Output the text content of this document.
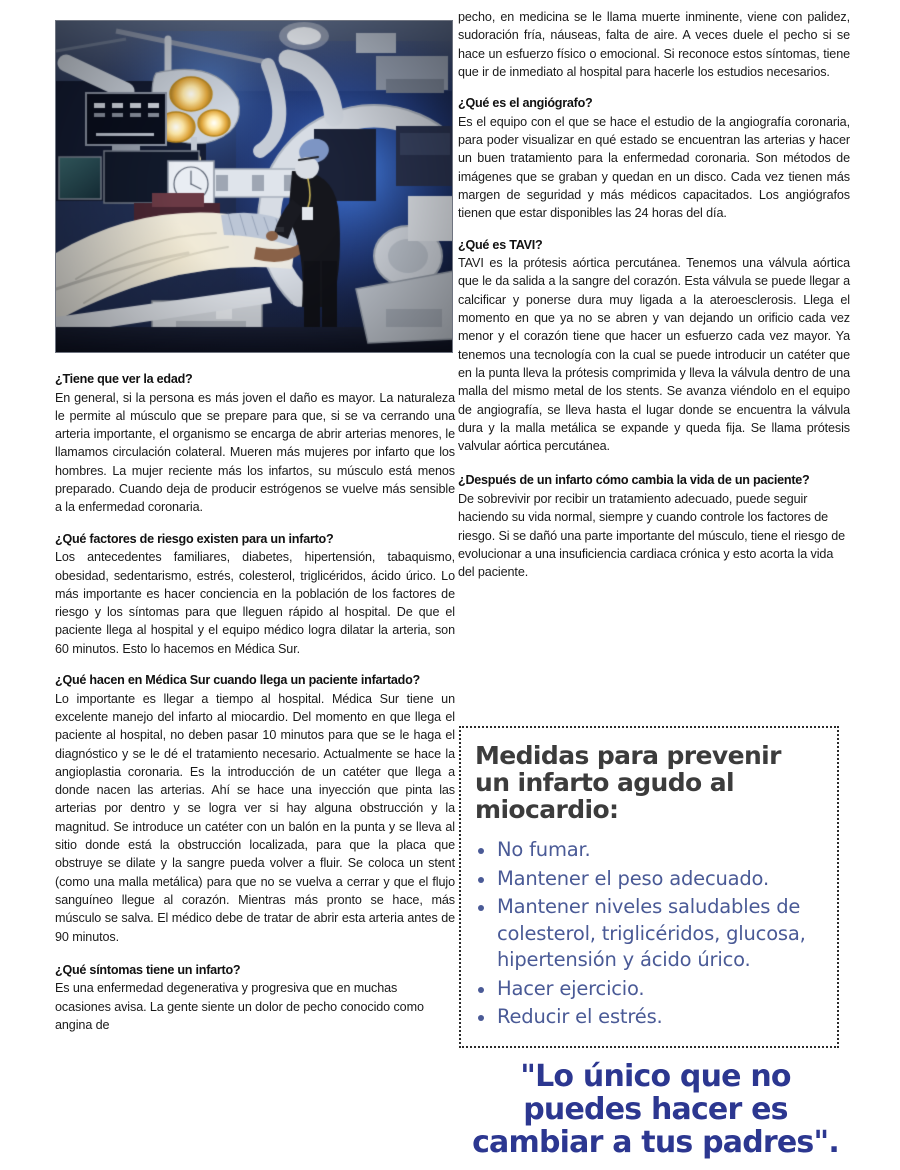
¿Tiene que ver la edad?

En general, si la persona es más joven el daño es mayor. La naturaleza le permite al músculo que se prepare para que, si se va cerrando una arteria importante, el organismo se encarga de abrir arterias menores, le llamamos circulación colateral. Mueren más mujeres por infarto que los hombres. La mujer reciente más los infartos, su músculo está menos preparado. Cuando deja de producir estrógenos se vuelve más sensible a la enfermedad coronaria.

¿Qué factores de riesgo existen para un infarto?

Los antecedentes familiares, diabetes, hipertensión, tabaquismo, obesidad, sedentarismo, estrés, colesterol, triglicéridos, ácido úrico. Lo más importante es hacer conciencia en la población de los factores de riesgo y los síntomas para que lleguen rápido al hospital. De que el paciente llega al hospital y el equipo médico logra dilatar la arteria, son 60 minutos. Esto lo hacemos en Médica Sur.

¿Qué hacen en Médica Sur cuando llega un paciente infartado?

Lo importante es llegar a tiempo al hospital. Médica Sur tiene un excelente manejo del infarto al miocardio. Del momento en que llega el paciente al hospital, no deben pasar 10 minutos para que se le haga el diagnóstico y se le dé el tratamiento necesario. Actualmente se hace la angioplastia coronaria. Es la introducción de un catéter que llega a donde nacen las arterias. Ahí se hace una inyección que pinta las arterias por dentro y se logra ver si hay alguna obstrucción y la magnitud. Se introduce un catéter con un balón en la punta y se lleva al sitio donde está la obstrucción localizada, para que la placa que obstruye se dilate y la sangre pueda volver a fluir. Se coloca un stent (como una malla metálica) para que no se vuelva a cerrar y que el flujo sanguíneo llegue al corazón. Mientras más pronto se hace, más músculo se salva. El médico debe de tratar de abrir esta arteria antes de 90 minutos.

¿Qué síntomas tiene un infarto?

Es una enfermedad degenerativa y progresiva que en muchas ocasiones avisa. La gente siente un dolor de pecho conocido como angina de

pecho, en medicina se le llama muerte inminente, viene con palidez, sudoración fría, náuseas, falta de aire. A veces duele el pecho si se hace un esfuerzo físico o emocional. Si reconoce estos síntomas, tiene que ir de inmediato al hospital para hacerle los estudios necesarios.

¿Qué es el angiógrafo?

Es el equipo con el que se hace el estudio de la angiografía coronaria, para poder visualizar en qué estado se encuentran las arterias y hacer un buen tratamiento para la enfermedad coronaria. Son métodos de imágenes que se graban y quedan en un disco. Cada vez tienen más margen de seguridad y más médicos capacitados. Los angiógrafos tienen que estar disponibles las 24 horas del día.

¿Qué es TAVI?

TAVI es la prótesis aórtica percutánea. Tenemos una válvula aórtica que le da salida a la sangre del corazón. Esta válvula se puede llegar a calcificar y ponerse dura muy ligada a la ateroesclerosis. Llega el momento en que ya no se abren y van dejando un orificio cada vez menor y el corazón tiene que hacer un esfuerzo cada vez mayor. Ya tenemos una tecnología con la cual se puede introducir un catéter que en la punta lleva la prótesis comprimida y lleva la válvula dentro de una malla del mismo metal de los stents. Se avanza viéndolo en el equipo de angiografía, se lleva hasta el lugar donde se encuentra la válvula dura y la malla metálica se expande y queda fija. Se llama prótesis valvular aórtica percutánea.

¿Después de un infarto cómo cambia la vida de un paciente?

De sobrevivir por recibir un tratamiento adecuado, puede seguir haciendo su vida normal, siempre y cuando controle los factores de riesgo. Si se dañó una parte importante del músculo, tiene el riesgo de evolucionar a una insuficiencia cardiaca crónica y esto acorta la vida del paciente.

Medidas para prevenir un infarto agudo al miocardio:
No fumar.
Mantener el peso adecuado.
Mantener niveles saludables de colesterol, triglicéridos, glucosa, hipertensión y ácido úrico.
Hacer ejercicio.
Reducir el estrés.
"Lo único que no puedes hacer es cambiar a tus padres".
